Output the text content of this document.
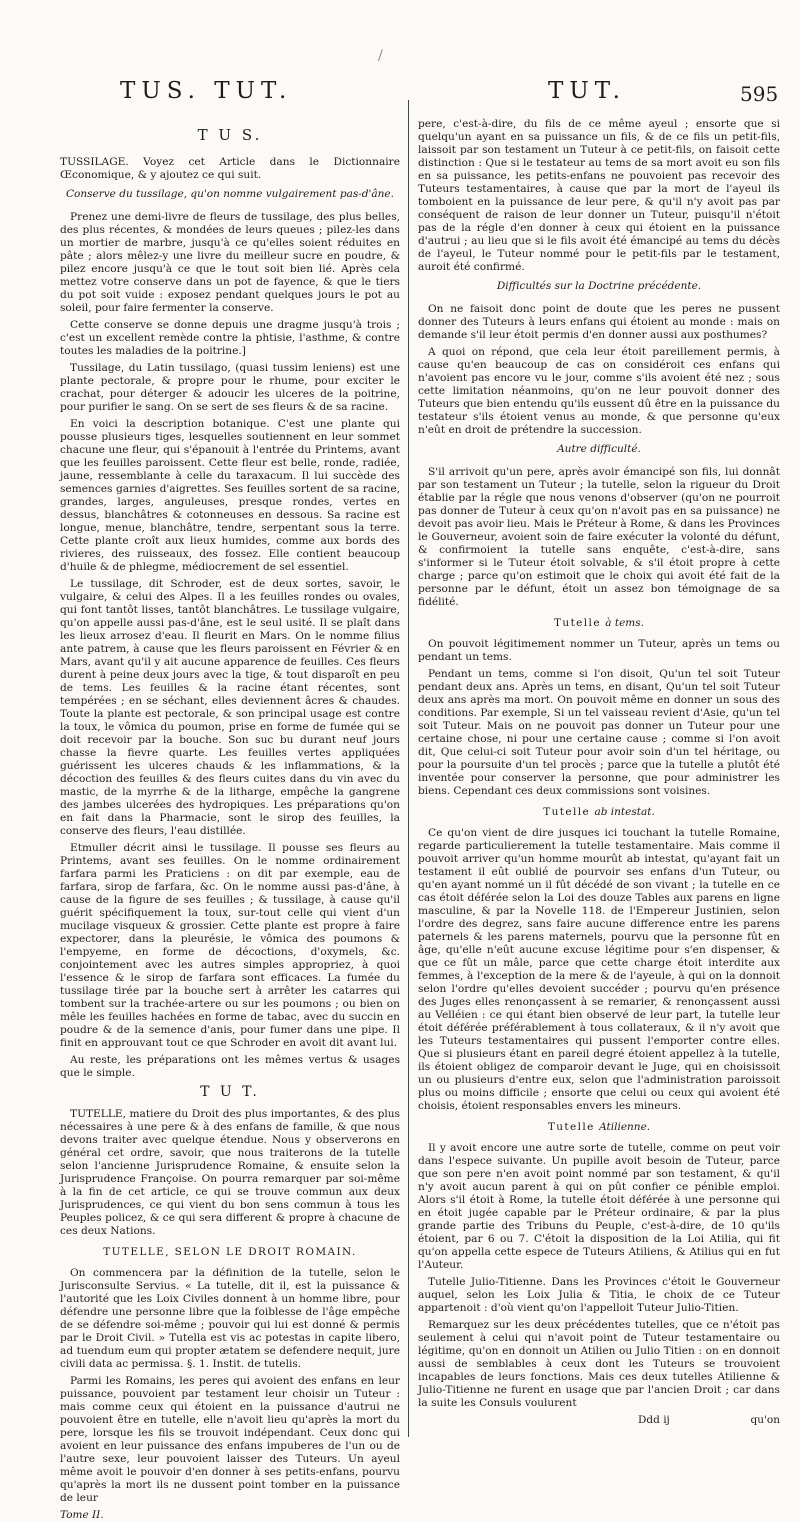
/
TUS. TUT.	TUT.	595
T U S.

TUSSILAGE. Voyez cet Article dans le Dictionnaire Œconomique, & y ajoutez ce qui suit.

Conserve du tussilage, qu'on nomme vulgairement pas-d'âne.

Prenez une demi-livre de fleurs de tussilage, des plus belles, des plus récentes, & mondées de leurs queues ; pilez-les dans un mortier de marbre, jusqu'à ce qu'elles soient réduites en pâte ; alors mêlez-y une livre du meilleur sucre en poudre, & pilez encore jusqu'à ce que le tout soit bien lié. Après cela mettez votre conserve dans un pot de fayence, & que le tiers du pot soit vuide : exposez pendant quelques jours le pot au soleil, pour faire fermenter la conserve.

Cette conserve se donne depuis une dragme jusqu'à trois ; c'est un excellent remède contre la phtisie, l'asthme, & contre toutes les maladies de la poitrine.]

Tussilage, du Latin tussilago, (quasi tussim leniens) est une plante pectorale, & propre pour le rhume, pour exciter le crachat, pour déterger & adoucir les ulceres de la poitrine, pour purifier le sang. On se sert de ses fleurs & de sa racine.

En voici la description botanique. C'est une plante qui pousse plusieurs tiges, lesquelles soutiennent en leur sommet chacune une fleur, qui s'épanouit à l'entrée du Printems, avant que les feuilles paroissent. Cette fleur est belle, ronde, radiée, jaune, ressemblante à celle du taraxacum. Il lui succède des semences garnies d'aigrettes. Ses feuilles sortent de sa racine, grandes, larges, anguleuses, presque rondes, vertes en dessus, blanchâtres & cotonneuses en dessous. Sa racine est longue, menue, blanchâtre, tendre, serpentant sous la terre. Cette plante croît aux lieux humides, comme aux bords des rivieres, des ruisseaux, des fossez. Elle contient beaucoup d'huile & de phlegme, médiocrement de sel essentiel.

Le tussilage, dit Schroder, est de deux sortes, savoir, le vulgaire, & celui des Alpes. Il a les feuilles rondes ou ovales, qui font tantôt lisses, tantôt blanchâtres. Le tussilage vulgaire, qu'on appelle aussi pas-d'âne, est le seul usité. Il se plaît dans les lieux arrosez d'eau. Il fleurit en Mars. On le nomme filius ante patrem, à cause que les fleurs paroissent en Février & en Mars, avant qu'il y ait aucune apparence de feuilles. Ces fleurs durent à peine deux jours avec la tige, & tout disparoît en peu de tems. Les feuilles & la racine étant récentes, sont tempérées ; en se séchant, elles deviennent âcres & chaudes. Toute la plante est pectorale, & son principal usage est contre la toux, le vômica du poumon, prise en forme de fumée qui se doit recevoir par la bouche. Son suc bu durant neuf jours chasse la fievre quarte. Les feuilles vertes appliquées guérissent les ulceres chauds & les inflammations, & la décoction des feuilles & des fleurs cuites dans du vin avec du mastic, de la myrrhe & de la litharge, empêche la gangrene des jambes ulcerées des hydropiques. Les préparations qu'on en fait dans la Pharmacie, sont le sirop des feuilles, la conserve des fleurs, l'eau distillée.

Etmuller décrit ainsi le tussilage. Il pousse ses fleurs au Printems, avant ses feuilles. On le nomme ordinairement farfara parmi les Praticiens : on dit par exemple, eau de farfara, sirop de farfara, &c. On le nomme aussi pas-d'âne, à cause de la figure de ses feuilles ; & tussilage, à cause qu'il guérit spécifiquement la toux, sur-tout celle qui vient d'un mucilage visqueux & grossier. Cette plante est propre à faire expectorer, dans la pleurésie, le vômica des poumons & l'empyeme, en forme de décoctions, d'oxymels, &c. conjointement avec les autres simples appropriez, à quoi l'essence & le sirop de farfara sont efficaces. La fumée du tussilage tirée par la bouche sert à arrêter les catarres qui tombent sur la trachée-artere ou sur les poumons ; ou bien on mêle les feuilles hachées en forme de tabac, avec du succin en poudre & de la semence d'anis, pour fumer dans une pipe. Il finit en approuvant tout ce que Schroder en avoit dit avant lui.

Au reste, les préparations ont les mêmes vertus & usages que le simple.

T U T.

TUTELLE, matiere du Droit des plus importantes, & des plus nécessaires à une pere & à des enfans de famille, & que nous devons traiter avec quelque étendue. Nous y observerons en général cet ordre, savoir, que nous traiterons de la tutelle selon l'ancienne Jurisprudence Romaine, & ensuite selon la Jurisprudence Françoise. On pourra remarquer par soi-même à la fin de cet article, ce qui se trouve commun aux deux Jurisprudences, ce qui vient du bon sens commun à tous les Peuples policez, & ce qui sera different & propre à chacune de ces deux Nations.

TUTELLE, SELON LE DROIT ROMAIN.

On commencera par la définition de la tutelle, selon le Jurisconsulte Servius. « La tutelle, dit il, est la puissance & l'autorité que les Loix Civiles donnent à un homme libre, pour défendre une personne libre que la foiblesse de l'âge empêche de se défendre soi-même ; pouvoir qui lui est donné & permis par le Droit Civil. » Tutella est vis ac potestas in capite libero, ad tuendum eum qui propter ætatem se defendere nequit, jure civili data ac permissa. §. 1. Instit. de tutelis.

Parmi les Romains, les peres qui avoient des enfans en leur puissance, pouvoient par testament leur choisir un Tuteur : mais comme ceux qui étoient en la puissance d'autrui ne pouvoient être en tutelle, elle n'avoit lieu qu'après la mort du pere, lorsque les fils se trouvoit indépendant. Ceux donc qui avoient en leur puissance des enfans impuberes de l'un ou de l'autre sexe, leur pouvoient laisser des Tuteurs. Un ayeul même avoit le pouvoir d'en donner à ses petits-enfans, pourvu qu'après la mort ils ne dussent point tomber en la puissance de leur

Tome II.

pere, c'est-à-dire, du fils de ce même ayeul ; ensorte que si quelqu'un ayant en sa puissance un fils, & de ce fils un petit-fils, laissoit par son testament un Tuteur à ce petit-fils, on faisoit cette distinction : Que si le testateur au tems de sa mort avoit eu son fils en sa puissance, les petits-enfans ne pouvoient pas recevoir des Tuteurs testamentaires, à cause que par la mort de l'ayeul ils tomboient en la puissance de leur pere, & qu'il n'y avoit pas par conséquent de raison de leur donner un Tuteur, puisqu'il n'étoit pas de la régle d'en donner à ceux qui étoient en la puissance d'autrui ; au lieu que si le fils avoit été émancipé au tems du décès de l'ayeul, le Tuteur nommé pour le petit-fils par le testament, auroit été confirmé.

Difficultés sur la Doctrine précédente.

On ne faisoit donc point de doute que les peres ne pussent donner des Tuteurs à leurs enfans qui étoient au monde : mais on demande s'il leur étoit permis d'en donner aussi aux posthumes?

A quoi on répond, que cela leur étoit pareillement permis, à cause qu'en beaucoup de cas on considéroit ces enfans qui n'avoient pas encore vu le jour, comme s'ils avoient été nez ; sous cette limitation néanmoins, qu'on ne leur pouvoit donner des Tuteurs que bien entendu qu'ils eussent dû être en la puissance du testateur s'ils étoient venus au monde, & que personne qu'eux n'eût en droit de prétendre la succession.

Autre difficulté.

S'il arrivoit qu'un pere, après avoir émancipé son fils, lui donnât par son testament un Tuteur ; la tutelle, selon la rigueur du Droit établie par la régle que nous venons d'observer (qu'on ne pourroit pas donner de Tuteur à ceux qu'on n'avoit pas en sa puissance) ne devoit pas avoir lieu. Mais le Préteur à Rome, & dans les Provinces le Gouverneur, avoient soin de faire exécuter la volonté du défunt, & confirmoient la tutelle sans enquête, c'est-à-dire, sans s'informer si le Tuteur étoit solvable, & s'il étoit propre à cette charge ; parce qu'on estimoit que le choix qui avoit été fait de la personne par le défunt, étoit un assez bon témoignage de sa fidélité.

Tutelle à tems.

On pouvoit légitimement nommer un Tuteur, après un tems ou pendant un tems.

Pendant un tems, comme si l'on disoit, Qu'un tel soit Tuteur pendant deux ans. Après un tems, en disant, Qu'un tel soit Tuteur deux ans après ma mort. On pouvoit même en donner un sous des conditions. Par exemple, Si un tel vaisseau revient d'Asie, qu'un tel soit Tuteur. Mais on ne pouvoit pas donner un Tuteur pour une certaine chose, ni pour une certaine cause ; comme si l'on avoit dit, Que celui-ci soit Tuteur pour avoir soin d'un tel héritage, ou pour la poursuite d'un tel procès ; parce que la tutelle a plutôt été inventée pour conserver la personne, que pour administrer les biens. Cependant ces deux commissions sont voisines.

Tutelle ab intestat.

Ce qu'on vient de dire jusques ici touchant la tutelle Romaine, regarde particulierement la tutelle testamentaire. Mais comme il pouvoit arriver qu'un homme mourût ab intestat, qu'ayant fait un testament il eût oublié de pourvoir ses enfans d'un Tuteur, ou qu'en ayant nommé un il fût décédé de son vivant ; la tutelle en ce cas étoit déférée selon la Loi des douze Tables aux parens en ligne masculine, & par la Novelle 118. de l'Empereur Justinien, selon l'ordre des degrez, sans faire aucune difference entre les parens paternels & les parens maternels, pourvu que la personne fût en âge, qu'elle n'eût aucune excuse légitime pour s'en dispenser, & que ce fût un mâle, parce que cette charge étoit interdite aux femmes, à l'exception de la mere & de l'ayeule, à qui on la donnoit selon l'ordre qu'elles devoient succéder ; pourvu qu'en présence des Juges elles renonçassent à se remarier, & renonçassent aussi au Velléien : ce qui étant bien observé de leur part, la tutelle leur étoit déférée préférablement à tous collateraux, & il n'y avoit que les Tuteurs testamentaires qui pussent l'emporter contre elles. Que si plusieurs étant en pareil degré étoient appellez à la tutelle, ils étoient obligez de comparoir devant le Juge, qui en choisissoit un ou plusieurs d'entre eux, selon que l'administration paroissoit plus ou moins difficile ; ensorte que celui ou ceux qui avoient été choisis, étoient responsables envers les mineurs.

Tutelle Atilienne.

Il y avoit encore une autre sorte de tutelle, comme on peut voir dans l'espece suivante. Un pupille avoit besoin de Tuteur, parce que son pere n'en avoit point nommé par son testament, & qu'il n'y avoit aucun parent à qui on pût confier ce pénible emploi. Alors s'il étoit à Rome, la tutelle étoit déférée à une personne qui en étoit jugée capable par le Préteur ordinaire, & par la plus grande partie des Tribuns du Peuple, c'est-à-dire, de 10 qu'ils étoient, par 6 ou 7. C'étoit la disposition de la Loi Atilia, qui fit qu'on appella cette espece de Tuteurs Atiliens, & Atilius qui en fut l'Auteur.

Tutelle Julio-Titienne. Dans les Provinces c'étoit le Gouverneur auquel, selon les Loix Julia & Titia, le choix de ce Tuteur appartenoit : d'où vient qu'on l'appelloit Tuteur Julio-Titien.

Remarquez sur les deux précédentes tutelles, que ce n'étoit pas seulement à celui qui n'avoit point de Tuteur testamentaire ou légitime, qu'on en donnoit un Atilien ou Julio Titien : on en donnoit aussi de semblables à ceux dont les Tuteurs se trouvoient incapables de leurs fonctions. Mais ces deux tutelles Atilienne & Julio-Titienne ne furent en usage que par l'ancien Droit ; car dans la suite les Consuls voulurent

Ddd ij	qu'on
